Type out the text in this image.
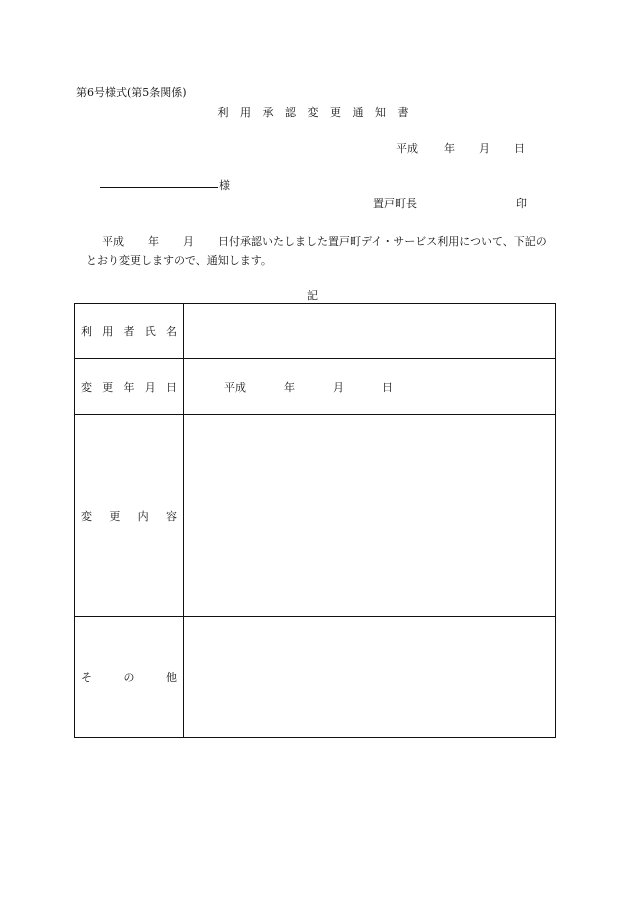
第6号様式(第5条関係)
利 用 承 認 変 更 通 知 書
平成 年 月 日
様
置戸町長	印
平成 年 月 日付承認いたしました置戸町デイ・サービス利用について、下記のとおり変更しますので、通知します。
記
利 用 者 氏 名	

変 更 年 月 日	平成 年 月 日

変 更 内 容	

そ の 他	
